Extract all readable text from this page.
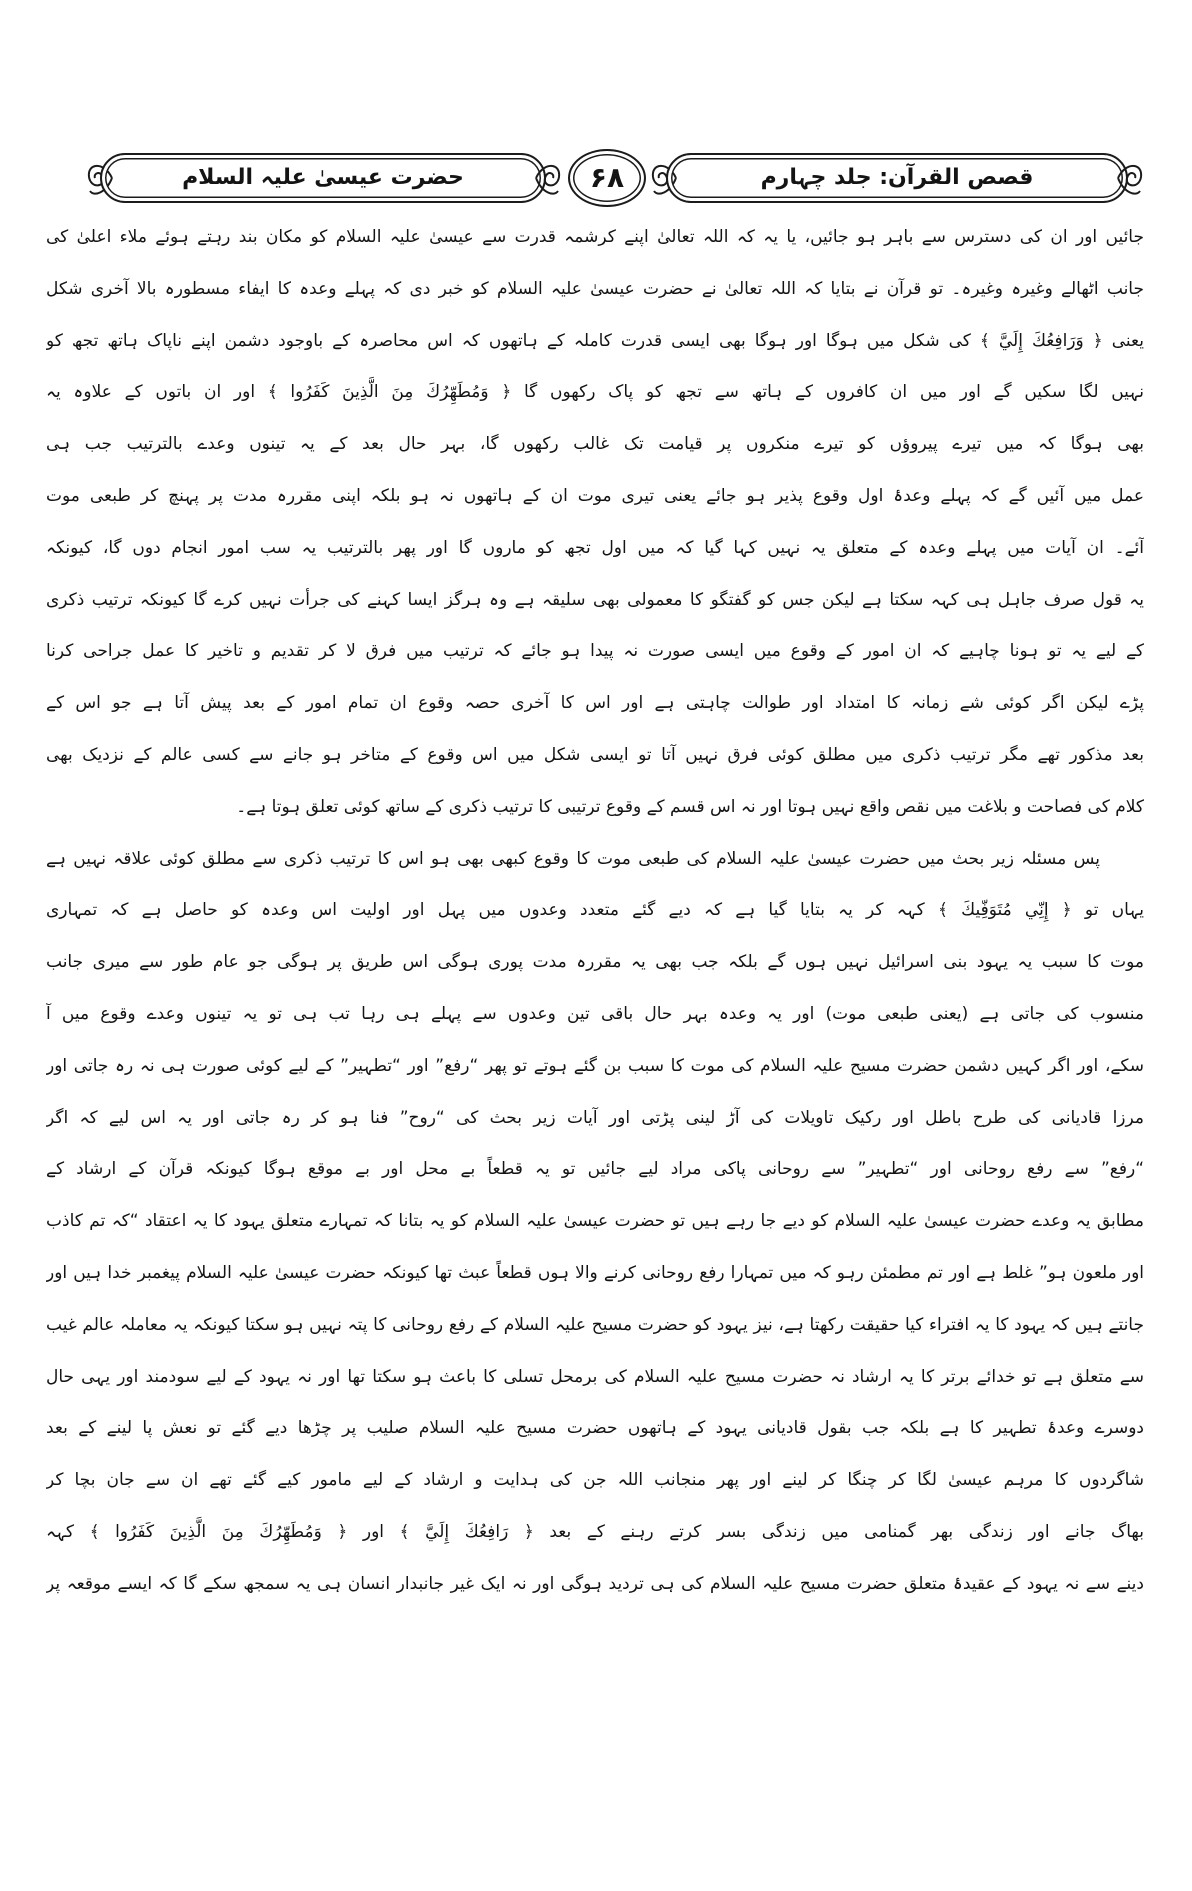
حضرت عیسیٰ علیہ السلام	۶۸	قصص القرآن: جلد چہارم
جائیں اور ان کی دسترس سے باہر ہو جائیں، یا یہ کہ اللہ تعالیٰ اپنے کرشمہ قدرت سے عیسیٰ علیہ السلام کو مکان بند رہتے ہوئے ملاء اعلیٰ کی
جانب اٹھالے وغیرہ وغیرہ۔ تو قرآن نے بتایا کہ اللہ تعالیٰ نے حضرت عیسیٰ علیہ السلام کو خبر دی کہ پہلے وعدہ کا ایفاء مسطورہ بالا آخری شکل
یعنی ﴿ وَرَافِعُكَ إِلَيَّ ﴾ کی شکل میں ہوگا اور ہوگا بھی ایسی قدرت کاملہ کے ہاتھوں کہ اس محاصرہ کے باوجود دشمن اپنے ناپاک ہاتھ تجھ کو
نہیں لگا سکیں گے اور میں ان کافروں کے ہاتھ سے تجھ کو پاک رکھوں گا ﴿ وَمُطَهِّرُكَ مِنَ الَّذِينَ كَفَرُوا ﴾ اور ان باتوں کے علاوہ یہ
بھی ہوگا کہ میں تیرے پیروؤں کو تیرے منکروں پر قیامت تک غالب رکھوں گا، بہر حال بعد کے یہ تینوں وعدے بالترتیب جب ہی
عمل میں آئیں گے کہ پہلے وعدۂ اول وقوع پذیر ہو جائے یعنی تیری موت ان کے ہاتھوں نہ ہو بلکہ اپنی مقررہ مدت پر پہنچ کر طبعی موت
آئے۔ ان آیات میں پہلے وعدہ کے متعلق یہ نہیں کہا گیا کہ میں اول تجھ کو ماروں گا اور پھر بالترتیب یہ سب امور انجام دوں گا، کیونکہ
یہ قول صرف جاہل ہی کہہ سکتا ہے لیکن جس کو گفتگو کا معمولی بھی سلیقہ ہے وہ ہرگز ایسا کہنے کی جرأت نہیں کرے گا کیونکہ ترتیب ذکری
کے لیے یہ تو ہونا چاہیے کہ ان امور کے وقوع میں ایسی صورت نہ پیدا ہو جائے کہ ترتیب میں فرق لا کر تقدیم و تاخیر کا عمل جراحی کرنا
پڑے لیکن اگر کوئی شے زمانہ کا امتداد اور طوالت چاہتی ہے اور اس کا آخری حصہ وقوع ان تمام امور کے بعد پیش آتا ہے جو اس کے
بعد مذکور تھے مگر ترتیب ذکری میں مطلق کوئی فرق نہیں آتا تو ایسی شکل میں اس وقوع کے متاخر ہو جانے سے کسی عالم کے نزدیک بھی
کلام کی فصاحت و بلاغت میں نقص واقع نہیں ہوتا اور نہ اس قسم کے وقوع ترتیبی کا ترتیب ذکری کے ساتھ کوئی تعلق ہوتا ہے۔
پس مسئلہ زیر بحث میں حضرت عیسیٰ علیہ السلام کی طبعی موت کا وقوع کبھی بھی ہو اس کا ترتیب ذکری سے مطلق کوئی علاقہ نہیں ہے
یہاں تو ﴿ إِنِّي مُتَوَفِّيكَ ﴾ کہہ کر یہ بتایا گیا ہے کہ دیے گئے متعدد وعدوں میں پہل اور اولیت اس وعدہ کو حاصل ہے کہ تمہاری
موت کا سبب یہ یہود بنی اسرائیل نہیں ہوں گے بلکہ جب بھی یہ مقررہ مدت پوری ہوگی اس طریق پر ہوگی جو عام طور سے میری جانب
منسوب کی جاتی ہے (یعنی طبعی موت) اور یہ وعدہ بہر حال باقی تین وعدوں سے پہلے ہی رہا تب ہی تو یہ تینوں وعدے وقوع میں آ
سکے، اور اگر کہیں دشمن حضرت مسیح علیہ السلام کی موت کا سبب بن گئے ہوتے تو پھر “رفع” اور “تطہیر” کے لیے کوئی صورت ہی نہ رہ جاتی اور
مرزا قادیانی کی طرح باطل اور رکیک تاویلات کی آڑ لینی پڑتی اور آیات زیر بحث کی “روح” فنا ہو کر رہ جاتی اور یہ اس لیے کہ اگر
“رفع” سے رفع روحانی اور “تطہیر” سے روحانی پاکی مراد لیے جائیں تو یہ قطعاً بے محل اور بے موقع ہوگا کیونکہ قرآن کے ارشاد کے
مطابق یہ وعدے حضرت عیسیٰ علیہ السلام کو دیے جا رہے ہیں تو حضرت عیسیٰ علیہ السلام کو یہ بتانا کہ تمہارے متعلق یہود کا یہ اعتقاد “کہ تم کاذب
اور ملعون ہو” غلط ہے اور تم مطمئن رہو کہ میں تمہارا رفع روحانی کرنے والا ہوں قطعاً عبث تھا کیونکہ حضرت عیسیٰ علیہ السلام پیغمبر خدا ہیں اور
جانتے ہیں کہ یہود کا یہ افتراء کیا حقیقت رکھتا ہے، نیز یہود کو حضرت مسیح علیہ السلام کے رفع روحانی کا پتہ نہیں ہو سکتا کیونکہ یہ معاملہ عالم غیب
سے متعلق ہے تو خدائے برتر کا یہ ارشاد نہ حضرت مسیح علیہ السلام کی برمحل تسلی کا باعث ہو سکتا تھا اور نہ یہود کے لیے سودمند اور یہی حال
دوسرے وعدۂ تطہیر کا ہے بلکہ جب بقول قادیانی یہود کے ہاتھوں حضرت مسیح علیہ السلام صلیب پر چڑھا دیے گئے تو نعش پا لینے کے بعد
شاگردوں کا مرہم عیسیٰ لگا کر چنگا کر لینے اور پھر منجانب اللہ جن کی ہدایت و ارشاد کے لیے مامور کیے گئے تھے ان سے جان بچا کر
بھاگ جانے اور زندگی بھر گمنامی میں زندگی بسر کرتے رہنے کے بعد ﴿ رَافِعُكَ إِلَيَّ ﴾ اور ﴿ وَمُطَهِّرُكَ مِنَ الَّذِينَ كَفَرُوا ﴾ کہہ
دینے سے نہ یہود کے عقیدۂ متعلق حضرت مسیح علیہ السلام کی ہی تردید ہوگی اور نہ ایک غیر جانبدار انسان ہی یہ سمجھ سکے گا کہ ایسے موقعہ پر
